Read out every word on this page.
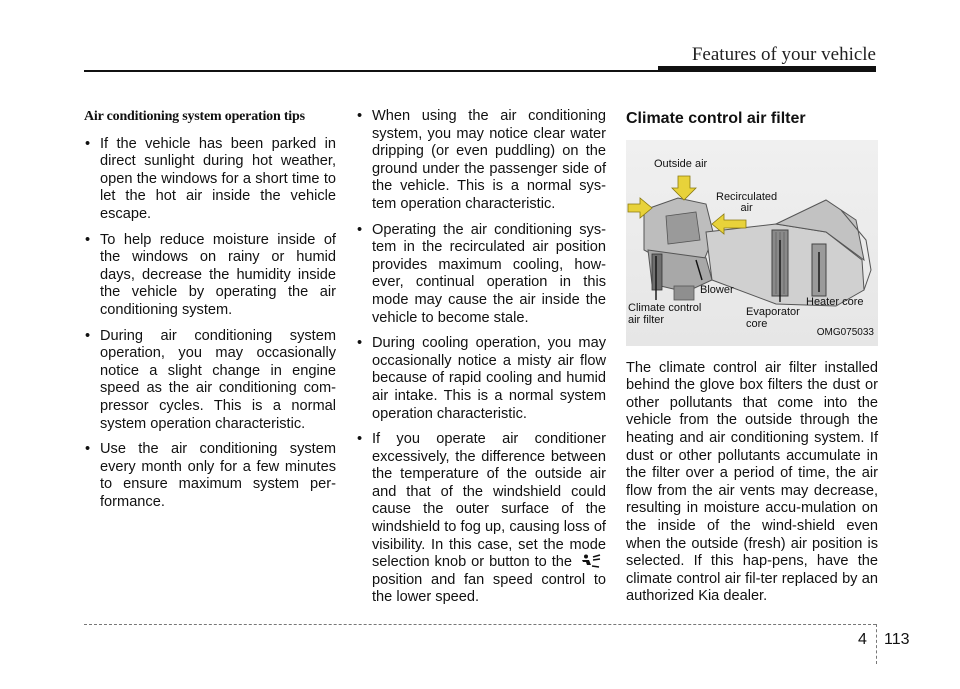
Features of your vehicle
Air conditioning system operation tips
• If the vehicle has been parked in direct sunlight during hot weather, open the windows for a short time to let the hot air inside the vehicle escape.
• To help reduce moisture inside of the windows on rainy or humid days, decrease the humidity inside the vehicle by operating the air conditioning system.
• During air conditioning system operation, you may occasionally notice a slight change in engine speed as the air conditioning com-pressor cycles. This is a normal system operation characteristic.
• Use the air conditioning system every month only for a few minutes to ensure maximum system per-formance.
• When using the air conditioning system, you may notice clear water dripping (or even puddling) on the ground under the passenger side of the vehicle. This is a normal sys-tem operation characteristic.
• Operating the air conditioning sys-tem in the recirculated air position provides maximum cooling, how-ever, continual operation in this mode may cause the air inside the vehicle to become stale.
• During cooling operation, you may occasionally notice a misty air flow because of rapid cooling and humid air intake. This is a normal system operation characteristic.
• If you operate air conditioner excessively, the difference between the temperature of the outside air and that of the windshield could cause the outer surface of the windshield to fog up, causing loss of visibility. In this case, set the mode selection knob or button to theposition and fan speed control to the lower speed.
Climate control air filter
Outside air
Recirculated
air
Blower
Climate control
air filter
Evaporator
core
Heater core
OMG075033

The climate control air filter installed behind the glove box filters the dust or other pollutants that come into the vehicle from the outside through the heating and air conditioning system. If dust or other pollutants accumulate in the filter over a period of time, the air flow from the air vents may decrease, resulting in moisture accu-mulation on the inside of the wind-shield even when the outside (fresh) air position is selected. If this hap-pens, have the climate control air fil-ter replaced by an authorized Kia dealer.

4 113
